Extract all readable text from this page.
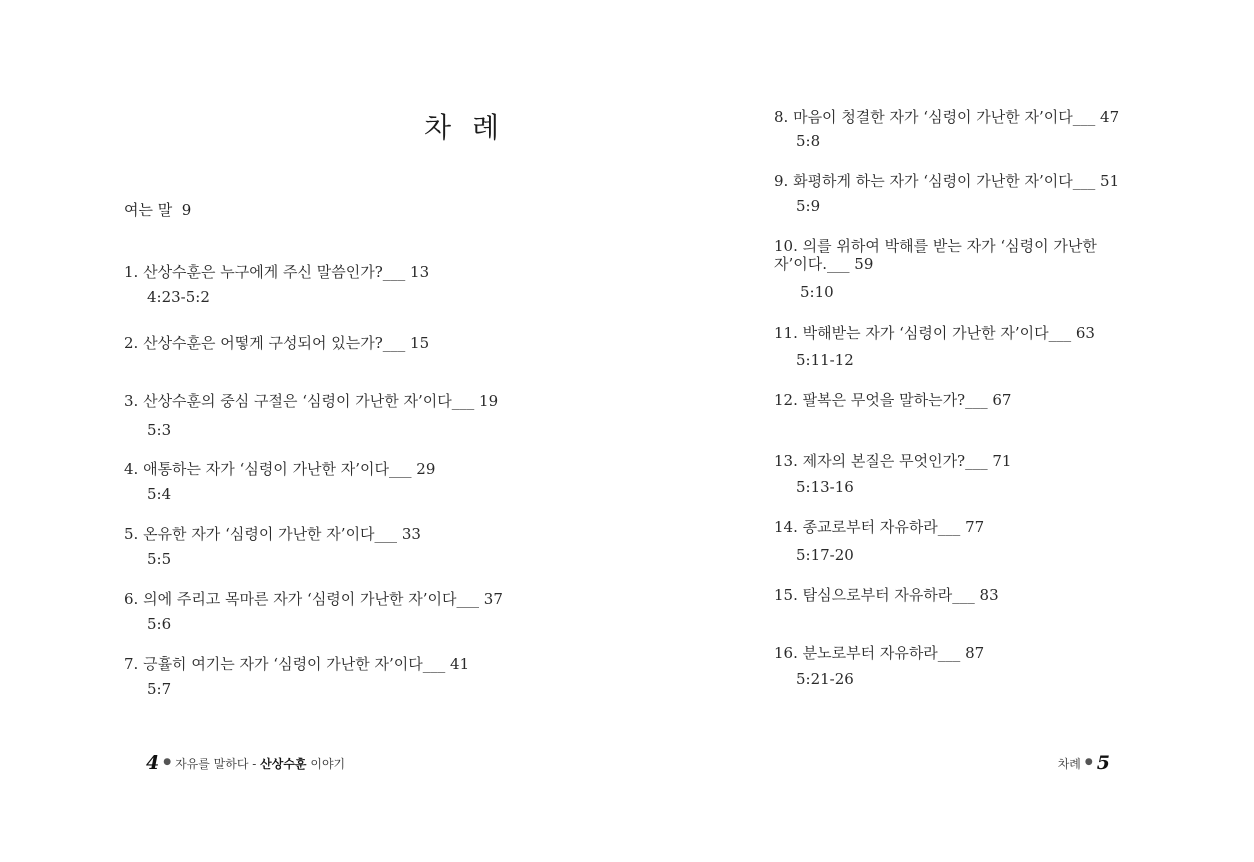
차 례
여는 말 9
1. 산상수훈은 누구에게 주신 말씀인가?___ 13
4:23-5:2
2. 산상수훈은 어떻게 구성되어 있는가?___ 15
3. 산상수훈의 중심 구절은 ‘심령이 가난한 자’이다___ 19
5:3
4. 애통하는 자가 ‘심령이 가난한 자’이다___ 29
5:4
5. 온유한 자가 ‘심령이 가난한 자’이다___ 33
5:5
6. 의에 주리고 목마른 자가 ‘심령이 가난한 자’이다___ 37
5:6
7. 긍휼히 여기는 자가 ‘심령이 가난한 자’이다___ 41
5:7
8. 마음이 청결한 자가 ‘심령이 가난한 자’이다___ 47
5:8
9. 화평하게 하는 자가 ‘심령이 가난한 자’이다___ 51
5:9
10. 의를 위하여 박해를 받는 자가 ‘심령이 가난한 자’이다.___ 59
5:10
11. 박해받는 자가 ‘심령이 가난한 자’이다___ 63
5:11-12
12. 팔복은 무엇을 말하는가?___ 67
13. 제자의 본질은 무엇인가?___ 71
5:13-16
14. 종교로부터 자유하라___ 77
5:17-20
15. 탐심으로부터 자유하라___ 83
16. 분노로부터 자유하라___ 87
5:21-26
4 ● 자유를 말하다 - 산상수훈 이야기	차례 ● 5
